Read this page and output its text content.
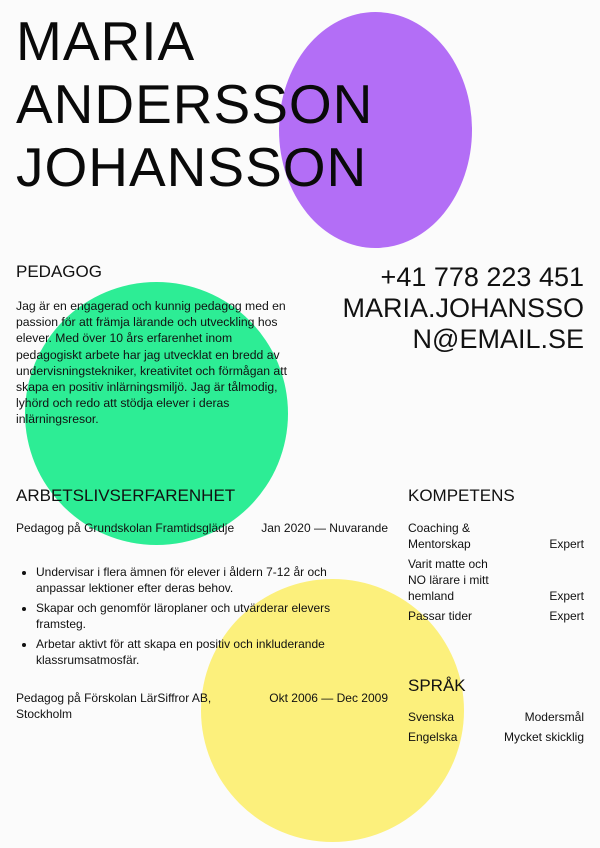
MARIA
ANDERSSON
JOHANSSON
PEDAGOG
Jag är en engagerad och kunnig pedagog med en passion för att främja lärande och utveckling hos elever. Med över 10 års erfarenhet inom pedagogiskt arbete har jag utvecklat en bredd av undervisningstekniker, kreativitet och förmågan att skapa en positiv inlärningsmiljö. Jag är tålmodig, lyhörd och redo att stödja elever i deras inlärningsresor.
+41 778 223 451
MARIA.JOHANSSO
N@EMAIL.SE
ARBETSLIVSERFARENHET
Pedagog på Grundskolan Framtidsglädje Jan 2020 — Nuvarande
• Undervisar i flera ämnen för elever i åldern 7-12 år och anpassar lektioner efter deras behov.
• Skapar och genomför läroplaner och utvärderar elevers framsteg.
• Arbetar aktivt för att skapa en positiv och inkluderande klassrumsatmosfär.
Pedagog på Förskolan LärSiffror AB, Stockholm
Okt 2006 — Dec 2009
KOMPETENS
Coaching & Mentorskap	Expert
Varit matte och NO lärare i mitt hemland	Expert
Passar tider	Expert
SPRÅK
Svenska	Modersmål
Engelska	Mycket skicklig
